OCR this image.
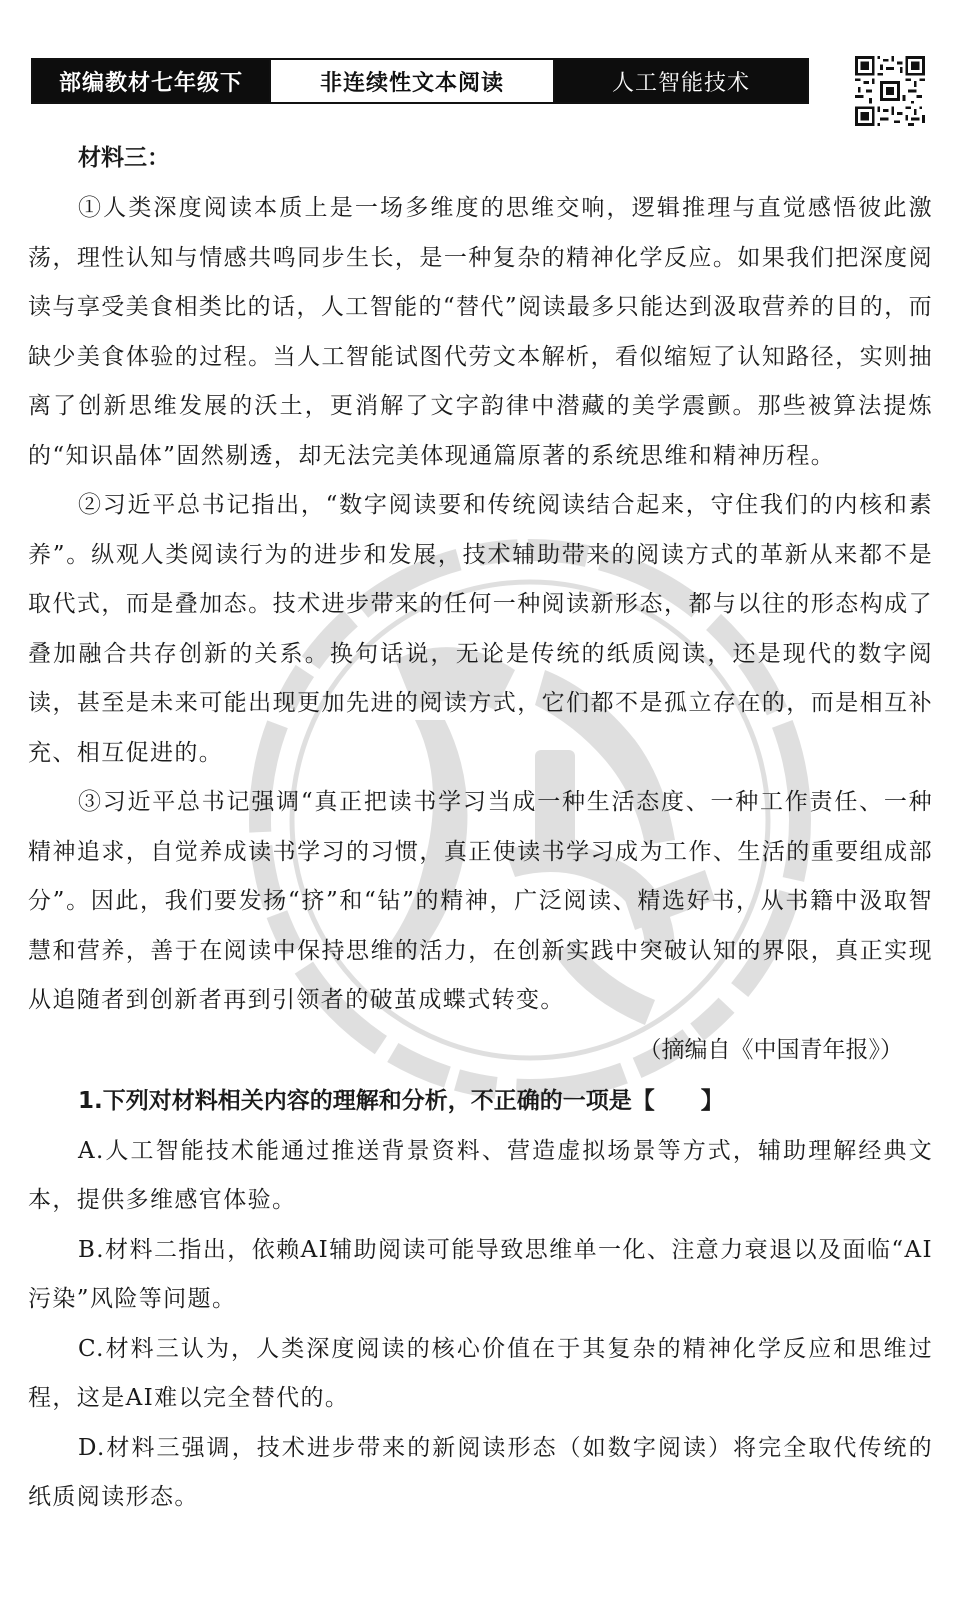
部编教材七年级下	非连续性文本阅读	人工智能技术
材料三：

①人类深度阅读本质上是一场多维度的思维交响，逻辑推理与直觉感悟彼此激荡，理性认知与情感共鸣同步生长，是一种复杂的精神化学反应。如果我们把深度阅读与享受美食相类比的话，人工智能的“替代”阅读最多只能达到汲取营养的目的，而缺少美食体验的过程。当人工智能试图代劳文本解析，看似缩短了认知路径，实则抽离了创新思维发展的沃土，更消解了文字韵律中潜藏的美学震颤。那些被算法提炼的“知识晶体”固然剔透，却无法完美体现通篇原著的系统思维和精神历程。

②习近平总书记指出，“数字阅读要和传统阅读结合起来，守住我们的内核和素养”。纵观人类阅读行为的进步和发展，技术辅助带来的阅读方式的革新从来都不是取代式，而是叠加态。技术进步带来的任何一种阅读新形态，都与以往的形态构成了叠加融合共存创新的关系。换句话说，无论是传统的纸质阅读，还是现代的数字阅读，甚至是未来可能出现更加先进的阅读方式，它们都不是孤立存在的，而是相互补充、相互促进的。

③习近平总书记强调“真正把读书学习当成一种生活态度、一种工作责任、一种精神追求，自觉养成读书学习的习惯，真正使读书学习成为工作、生活的重要组成部分”。因此，我们要发扬“挤”和“钻”的精神，广泛阅读、精选好书，从书籍中汲取智慧和营养，善于在阅读中保持思维的活力，在创新实践中突破认知的界限，真正实现从追随者到创新者再到引领者的破茧成蝶式转变。

（摘编自《中国青年报》）

1.下列对材料相关内容的理解和分析，不正确的一项是【　　】

A.人工智能技术能通过推送背景资料、营造虚拟场景等方式，辅助理解经典文本，提供多维感官体验。

B.材料二指出，依赖AI辅助阅读可能导致思维单一化、注意力衰退以及面临“AI污染”风险等问题。

C.材料三认为，人类深度阅读的核心价值在于其复杂的精神化学反应和思维过程，这是AI难以完全替代的。

D.材料三强调，技术进步带来的新阅读形态（如数字阅读）将完全取代传统的纸质阅读形态。
